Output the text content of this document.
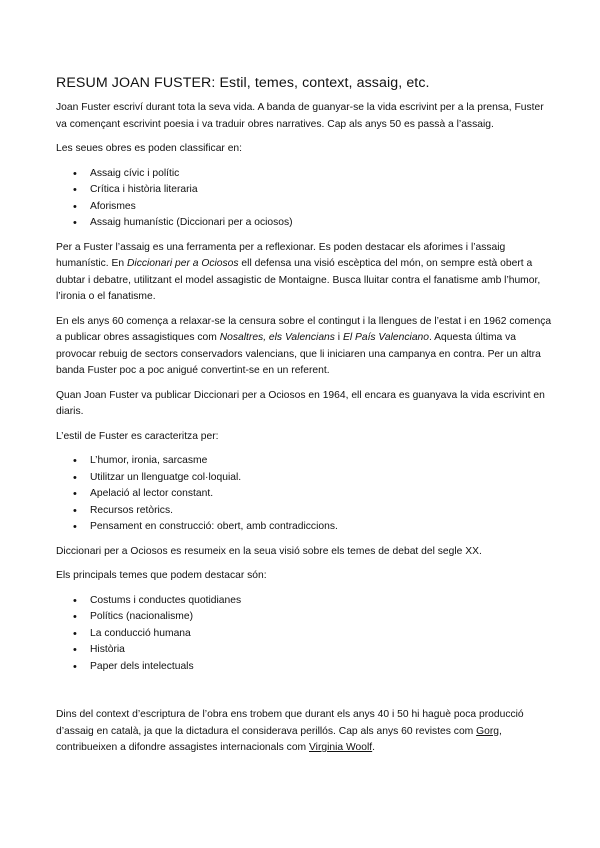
RESUM JOAN FUSTER: Estil, temes, context, assaig, etc.

Joan Fuster escriví durant tota la seva vida. A banda de guanyar-se la vida escrivint per a la prensa, Fuster va començant escrivint poesia i va traduir obres narratives. Cap als anys 50 es passà a l’assaig.

Les seues obres es poden classificar en:

• Assaig cívic i polític
• Crítica i història literaria
• Aforismes
• Assaig humanístic (Diccionari per a ociosos)

Per a Fuster l’assaig es una ferramenta per a reflexionar. Es poden destacar els aforimes i l’assaig humanístic. En Diccionari per a Ociosos ell defensa una visió escèptica del món, on sempre està obert a dubtar i debatre, utilitzant el model assagistic de Montaigne. Busca lluitar contra el fanatisme amb l’humor, l’ironia o el fanatisme.

En els anys 60 comença a relaxar-se la censura sobre el contingut i la llengues de l’estat i en 1962 comença a publicar obres assagistiques com Nosaltres, els Valencians i El País Valenciano. Aquesta última va provocar rebuig de sectors conservadors valencians, que li iniciaren una campanya en contra. Per un altra banda Fuster poc a poc anigué convertint-se en un referent.

Quan Joan Fuster va publicar Diccionari per a Ociosos en 1964, ell encara es guanyava la vida escrivint en diaris.

L’estil de Fuster es caracteritza per:

• L’humor, ironia, sarcasme
• Utilitzar un llenguatge col·loquial.
• Apelació al lector constant.
• Recursos retòrics.
• Pensament en construcció: obert, amb contradiccions.

Diccionari per a Ociosos es resumeix en la seua visió sobre els temes de debat del segle XX.

Els principals temes que podem destacar són:

• Costums i conductes quotidianes
• Polítics (nacionalisme)
• La conducció humana
• Història
• Paper dels intelectuals

Dins del context d’escriptura de l’obra ens trobem que durant els anys 40 i 50 hi haguè poca producció d’assaig en català, ja que la dictadura el considerava perillós. Cap als anys 60 revistes com Gorg, contribueixen a difondre assagistes internacionals com Virginia Woolf.
